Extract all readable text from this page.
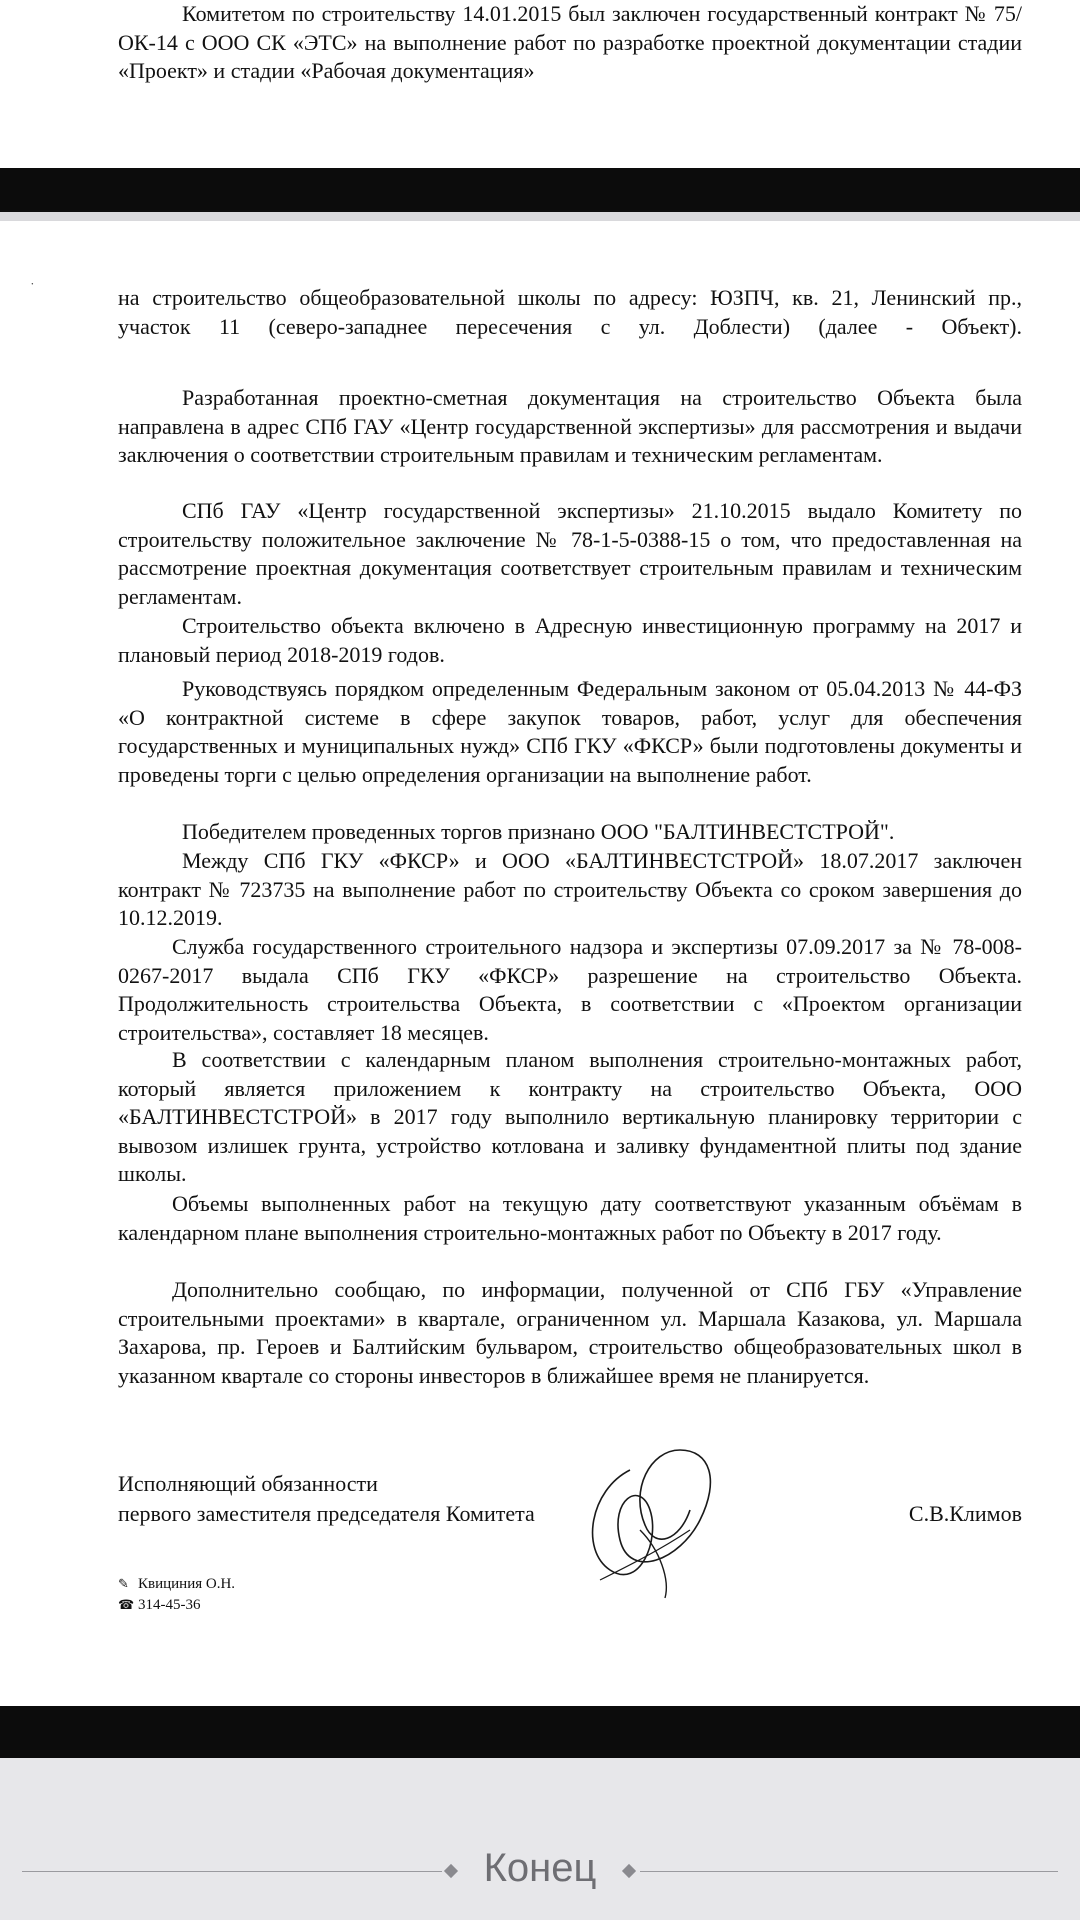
Комитетом по строительству 14.01.2015 был заключен государственный контракт № 75/ОК-14 с ООО СК «ЭТС» на выполнение работ по разработке проектной документации стадии «Проект» и стадии «Рабочая документация»

˙	на строительство общеобразовательной школы по адресу: ЮЗПЧ, кв. 21, Ленинский пр., участок 11 (северо-западнее пересечения с ул. Доблести) (далее - Объект).

Разработанная проектно-сметная документация на строительство Объекта была направлена в адрес СПб ГАУ «Центр государственной экспертизы» для рассмотрения и выдачи заключения о соответствии строительным правилам и техническим регламентам.

СПб ГАУ «Центр государственной экспертизы» 21.10.2015 выдало Комитету по строительству положительное заключение № 78-1-5-0388-15 о том, что предоставленная на рассмотрение проектная документация соответствует строительным правилам и техническим регламентам.

Строительство объекта включено в Адресную инвестиционную программу на 2017 и плановый период 2018-2019 годов.

Руководствуясь порядком определенным Федеральным законом от 05.04.2013 № 44-ФЗ «О контрактной системе в сфере закупок товаров, работ, услуг для обеспечения государственных и муниципальных нужд» СПб ГКУ «ФКСР» были подготовлены документы и проведены торги с целью определения организации на выполнение работ.

Победителем проведенных торгов признано ООО "БАЛТИНВЕСТСТРОЙ".

Между СПб ГКУ «ФКСР» и ООО «БАЛТИНВЕСТСТРОЙ» 18.07.2017 заключен контракт № 723735 на выполнение работ по строительству Объекта со сроком завершения до 10.12.2019.

Служба государственного строительного надзора и экспертизы 07.09.2017 за № 78-008-0267-2017 выдала СПб ГКУ «ФКСР» разрешение на строительство Объекта. Продолжительность строительства Объекта, в соответствии с «Проектом организации строительства», составляет 18 месяцев.

В соответствии с календарным планом выполнения строительно-монтажных работ, который является приложением к контракту на строительство Объекта, ООО «БАЛТИНВЕСТСТРОЙ» в 2017 году выполнило вертикальную планировку территории с вывозом излишек грунта, устройство котлована и заливку фундаментной плиты под здание школы.

Объемы выполненных работ на текущую дату соответствуют указанным объёмам в календарном плане выполнения строительно-монтажных работ по Объекту в 2017 году.

Дополнительно сообщаю, по информации, полученной от СПб ГБУ «Управление строительными проектами» в квартале, ограниченном ул. Маршала Казакова, ул. Маршала Захарова, пр. Героев и Балтийским бульваром, строительство общеобразовательных школ в указанном квартале со стороны инвесторов в ближайшее время не планируется.

Исполняющий обязанности
первого заместителя председателя Комитета	С.В.Климов
✎ Квициния О.Н.
☎ 314-45-36
Конец
